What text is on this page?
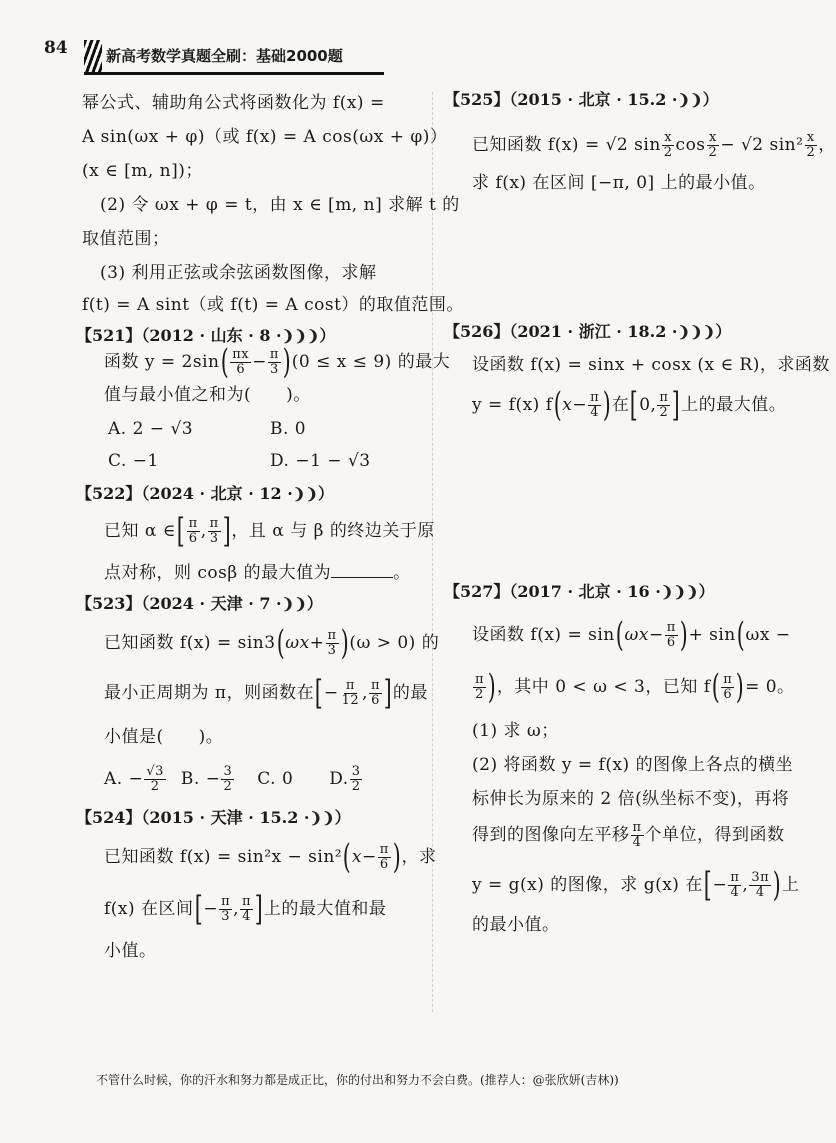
84	新高考数学真题全刷：基础2000题
幂公式、辅助角公式将函数化为 f(x) =
A sin(ωx + φ)（或 f(x) = A cos(ωx + φ)）
(x ∈ [m, n])；
(2) 令 ωx + φ = t，由 x ∈ [m, n] 求解 t 的
取值范围；
(3) 利用正弦或余弦函数图像，求解
f(t) = A sint（或 f(t) = A cost）的取值范围。
【521】（2012 · 山东 · 8 ·❩❩❩）
函数 y = 2sin ( $\frac{\pi x}{6} - \frac{\pi}{3}$ ) (0 ≤ x ≤ 9) 的最大
值与最小值之和为(　　)。
A. 2 − √3	B. 0
C. −1	D. −1 − √3
【522】（2024 · 北京 · 12 ·❩❩）
已知 α ∈ [ $\frac{\pi}{6}$ , $\frac{\pi}{3}$ ] ，且 α 与 β 的终边关于原
点对称，则 cosβ 的最大值为	。
【523】（2024 · 天津 · 7 ·❩❩）
已知函数 f(x) = sin3 ( $\omega x + \frac{\pi}{3}$ ) (ω > 0) 的
最小正周期为 π，则函数在 [ − $\frac{\pi}{12}$ , $\frac{\pi}{6}$ ] 的最
小值是(　　)。
A. − $\frac{√3}{2} B$. − $\frac{3}{2} C$. 0 D. $\frac{3}{2}$
【524】（2015 · 天津 · 15.2 ·❩❩）
已知函数 f(x) = sin²x − sin² ( $x - \frac{\pi}{6}$ ) ，求
f(x) 在区间 [ − $\frac{\pi}{3}$ , $\frac{\pi}{4}$ ] 上的最大值和最
小值。
【525】（2015 · 北京 · 15.2 ·❩❩）
已知函数 f(x) = √2 $\sin \frac{x}{2}$ $\cos \frac{x}{2} - √2$ $\sin^2 \frac{x}{2}$ ，
求 f(x) 在区间 [−π, 0] 上的最小值。
【526】（2021 · 浙江 · 18.2 ·❩❩❩）
设函数 f(x) = sinx + cosx (x ∈ R)，求函数
y = f(x) f ( $x - \frac{\pi}{4}$ ) 在 [ 0, $\frac{\pi}{2}$ ] 上的最大值。
【527】（2017 · 北京 · 16 ·❩❩❩）
设函数 f(x) = sin ( $\omega x - \frac{\pi}{6}$ ) + sin ( ωx −
$\frac{\pi}{2}$ ) ，其中 0 < ω < 3，已知 f ( $\frac{\pi}{6}$ ) = 0。
(1) 求 ω；
(2) 将函数 y = f(x) 的图像上各点的横坐
标伸长为原来的 2 倍(纵坐标不变)，再将
得到的图像向左平移 $\frac{\pi}{4}$ 个单位，得到函数
y = g(x) 的图像，求 g(x) 在 [ − $\frac{\pi}{4}$ , $\frac{3\pi}{4}$ ) 上
的最小值。
不管什么时候，你的汗水和努力都是成正比，你的付出和努力不会白费。(推荐人：@张欣妍(吉林))
